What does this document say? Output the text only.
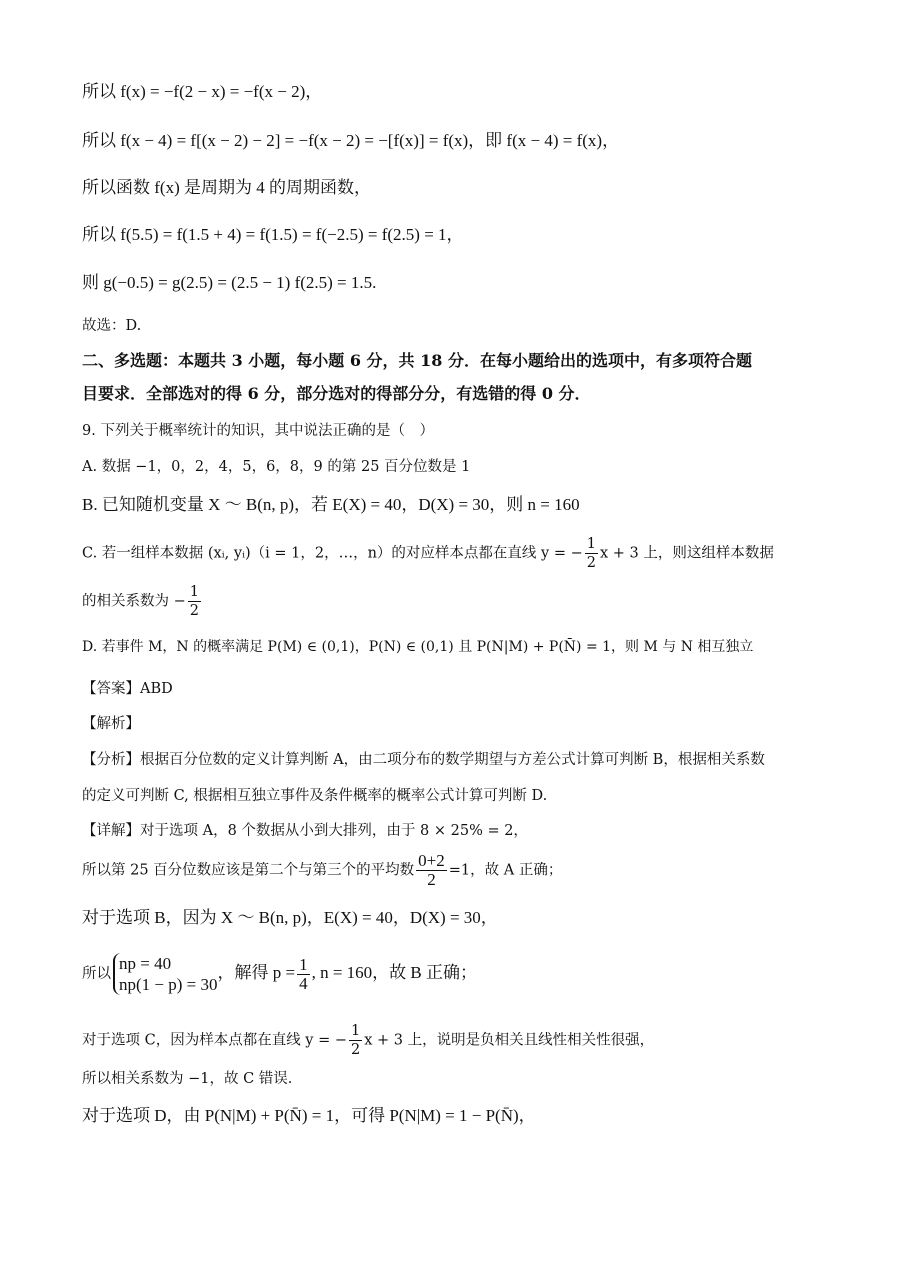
所以 f(x) = −f(2 − x) = −f(x − 2)，
所以 f(x − 4) = f[(x − 2) − 2] = −f(x − 2) = −[f(x)] = f(x)，即 f(x − 4) = f(x)，
所以函数 f(x) 是周期为 4 的周期函数，
所以 f(5.5) = f(1.5 + 4) = f(1.5) = f(−2.5) = f(2.5) = 1，
则 g(−0.5) = g(2.5) = (2.5 − 1) f(2.5) = 1.5.
故选：D.
二、多选题：本题共 3 小题，每小题 6 分，共 18 分．在每小题给出的选项中，有多项符合题
目要求．全部选对的得 6 分，部分选对的得部分分，有选错的得 0 分．
9. 下列关于概率统计的知识，其中说法正确的是（　）
A. 数据 −1，0，2，4，5，6，8，9 的第 25 百分位数是 1
B. 已知随机变量 X ～ B(n, p)，若 E(X) = 40，D(X) = 30，则 n = 160
C. 若一组样本数据 (xᵢ, yᵢ)（i = 1，2，…，n）的对应样本点都在直线 y = − $\frac{1}{2}$ x + 3 上，则这组样本数据
的相关系数为 − $\frac{1}{2}$
D. 若事件 M，N 的概率满足 P(M) ∈ (0,1)，P(N) ∈ (0,1) 且 P(N|M) + P(N̄) = 1，则 M 与 N 相互独立
【答案】ABD
【解析】
【分析】根据百分位数的定义计算判断 A，由二项分布的数学期望与方差公式计算可判断 B，根据相关系数
的定义可判断 C, 根据相互独立事件及条件概率的概率公式计算可判断 D.
【详解】对于选项 A，8 个数据从小到大排列，由于 8 × 25% = 2，
所以第 25 百分位数应该是第二个与第三个的平均数 $\frac{0+2}{2} =1$，故 A 正确；
对于选项 B，因为 X ～ B(n, p)，E(X) = 40，D(X) = 30，
所以
np = 40
np(1 − p) = 30
，解得 $p = \frac{1}{4}$ , n = 160，故 B 正确；
对于选项 C，因为样本点都在直线 y = − $\frac{1}{2}$ x + 3 上，说明是负相关且线性相关性很强，
所以相关系数为 −1，故 C 错误.
对于选项 D，由 P(N|M) + P(N̄) = 1，可得 P(N|M) = 1 − P(N̄)，
